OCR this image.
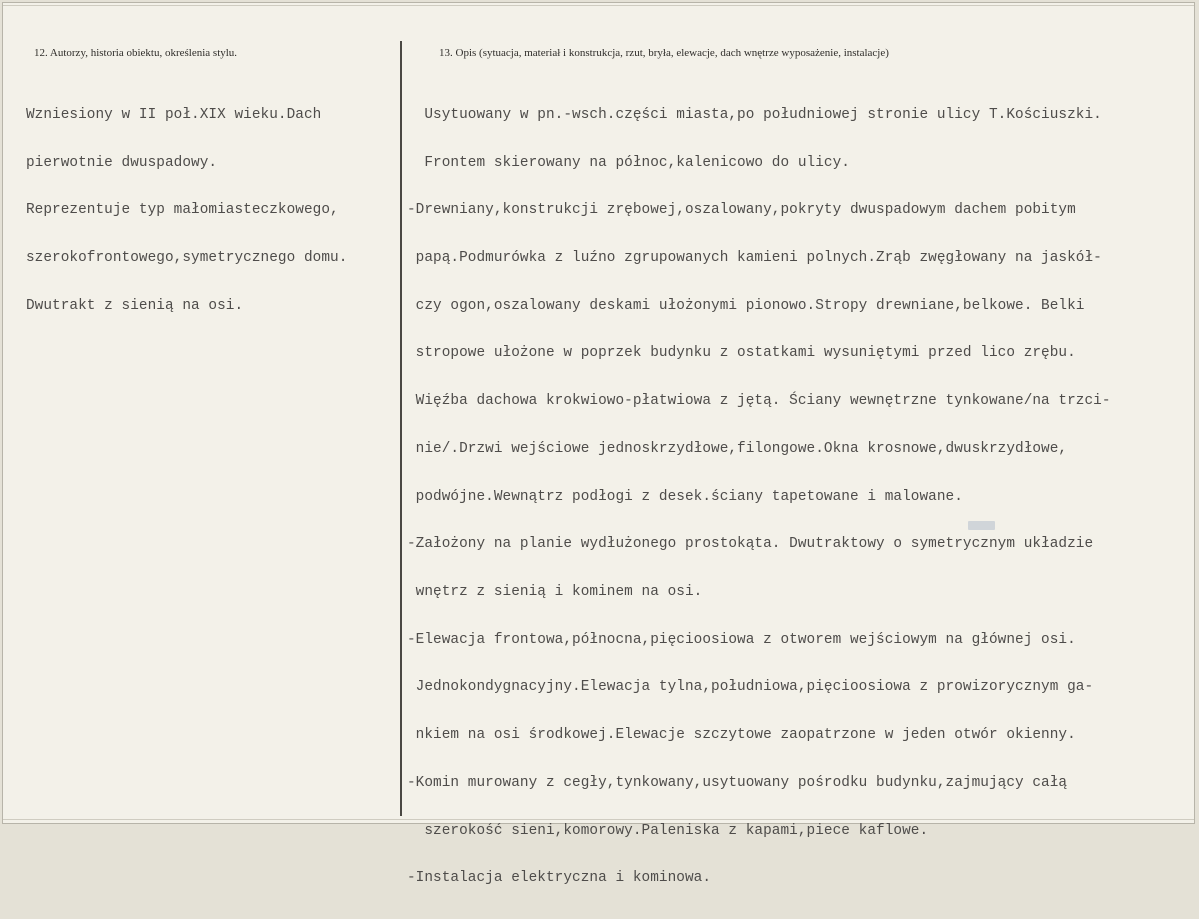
12. Autorzy, historia obiektu, określenia stylu.	13. Opis (sytuacja, materiał i konstrukcja, rzut, bryła, elewacje, dach wnętrze wyposażenie, instalacje)

Wzniesiony w II poł.XIX wieku.Dach

pierwotnie dwuspadowy.

Reprezentuje typ małomiasteczkowego,

szerokofrontowego,symetrycznego domu.

Dwutrakt z sienią na osi.

Usytuowany w pn.-wsch.części miasta,po południowej stronie ulicy T.Kościuszki.

Frontem skierowany na północ,kalenicowo do ulicy.

-Drewniany,konstrukcji zrębowej,oszalowany,pokryty dwuspadowym dachem pobitym

papą.Podmurówka z luźno zgrupowanych kamieni polnych.Zrąb zwęgłowany na jaskół-

czy ogon,oszalowany deskami ułożonymi pionowo.Stropy drewniane,belkowe. Belki

stropowe ułożone w poprzek budynku z ostatkami wysuniętymi przed lico zrębu.

Więźba dachowa krokwiowo-płatwiowa z jętą. Ściany wewnętrzne tynkowane/na trzci-

nie/.Drzwi wejściowe jednoskrzydłowe,filongowe.Okna krosnowe,dwuskrzydłowe,

podwójne.Wewnątrz podłogi z desek.ściany tapetowane i malowane.

-Założony na planie wydłużonego prostokąta. Dwutraktowy o symetrycznym układzie

wnętrz z sienią i kominem na osi.

-Elewacja frontowa,północna,pięcioosiowa z otworem wejściowym na głównej osi.

Jednokondygnacyjny.Elewacja tylna,południowa,pięcioosiowa z prowizorycznym ga-

nkiem na osi środkowej.Elewacje szczytowe zaopatrzone w jeden otwór okienny.

-Komin murowany z cegły,tynkowany,usytuowany pośrodku budynku,zajmujący całą

szerokość sieni,komorowy.Paleniska z kapami,piece kaflowe.

-Instalacja elektryczna i kominowa.
